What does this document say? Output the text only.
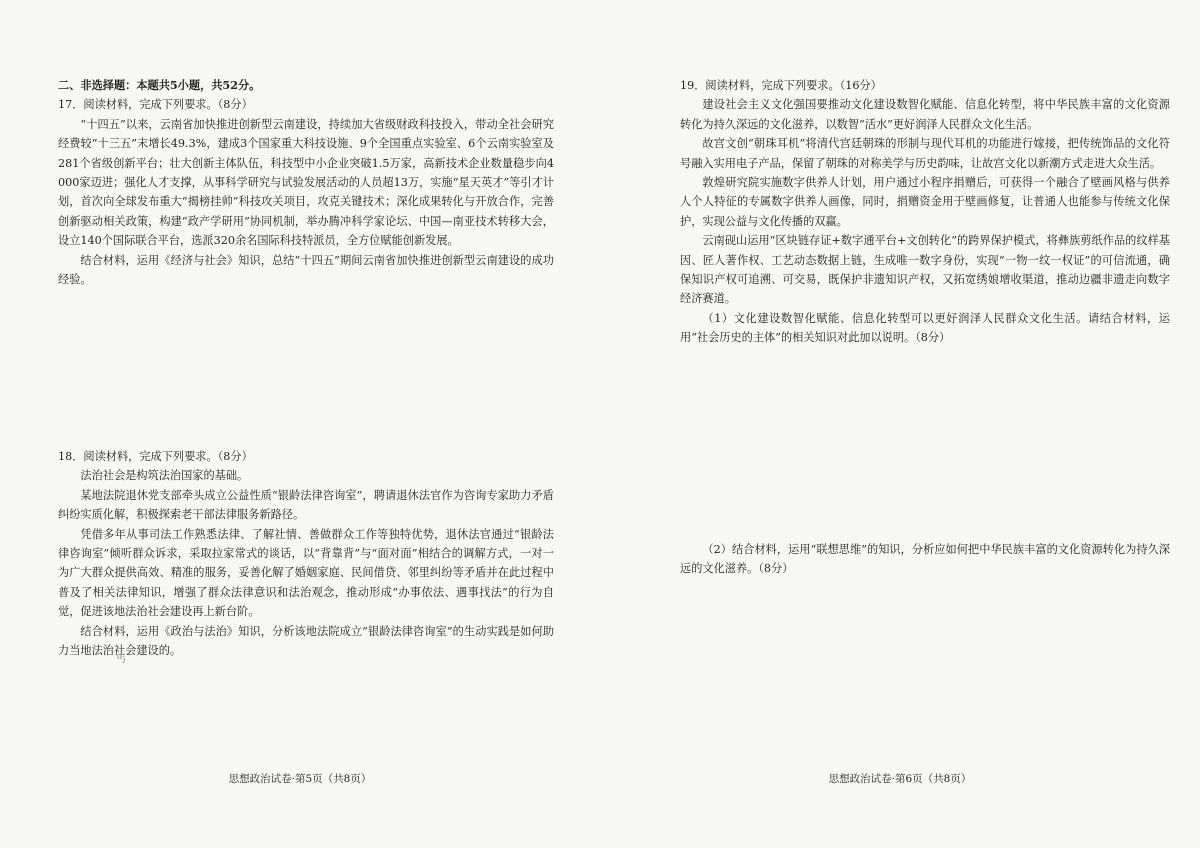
二、非选择题：本题共5小题，共52分。

17．阅读材料，完成下列要求。（8分）

“十四五”以来，云南省加快推进创新型云南建设，持续加大省级财政科技投入，带动全社会研究经费较“十三五”末增长49.3%，建成3个国家重大科技设施、9个全国重点实验室、6个云南实验室及281个省级创新平台；壮大创新主体队伍，科技型中小企业突破1.5万家，高新技术企业数量稳步向4000家迈进；强化人才支撑，从事科学研究与试验发展活动的人员超13万，实施“星天英才”等引才计划，首次向全球发布重大“揭榜挂帅”科技攻关项目，攻克关键技术；深化成果转化与开放合作，完善创新驱动相关政策，构建“政产学研用”协同机制，举办腾冲科学家论坛、中国—南亚技术转移大会，设立140个国际联合平台，选派320余名国际科技特派员，全方位赋能创新发展。

结合材料，运用《经济与社会》知识，总结“十四五”期间云南省加快推进创新型云南建设的成功经验。

18．阅读材料，完成下列要求。（8分）

法治社会是构筑法治国家的基础。

某地法院退休党支部牵头成立公益性质“银龄法律咨询室”，聘请退休法官作为咨询专家助力矛盾纠纷实质化解，积极探索老干部法律服务新路径。

凭借多年从事司法工作熟悉法律、了解社情、善做群众工作等独特优势，退休法官通过“银龄法律咨询室”倾听群众诉求，采取拉家常式的谈话，以“背靠背”与“面对面”相结合的调解方式，一对一为广大群众提供高效、精准的服务，妥善化解了婚姻家庭、民间借贷、邻里纠纷等矛盾并在此过程中普及了相关法律知识，增强了群众法律意识和法治观念，推动形成“办事依法、遇事找法”的行为自觉，促进该地法治社会建设再上新台阶。

结合材料，运用《政治与法治》知识，分析该地法院成立“银龄法律咨询室”的生动实践是如何助力当地法治社会建设的。

丐
思想政治试卷·第5页（共8页）

19．阅读材料，完成下列要求。（16分）

建设社会主义文化强国要推动文化建设数智化赋能、信息化转型，将中华民族丰富的文化资源转化为持久深远的文化滋养，以数智“活水”更好润泽人民群众文化生活。

故宫文创“朝珠耳机”将清代宫廷朝珠的形制与现代耳机的功能进行嫁接，把传统饰品的文化符号融入实用电子产品，保留了朝珠的对称美学与历史韵味，让故宫文化以新潮方式走进大众生活。

敦煌研究院实施数字供养人计划，用户通过小程序捐赠后，可获得一个融合了壁画风格与供养人个人特征的专属数字供养人画像，同时，捐赠资金用于壁画修复，让普通人也能参与传统文化保护，实现公益与文化传播的双赢。

云南砚山运用“区块链存证+数字通平台+文创转化”的跨界保护模式，将彝族剪纸作品的纹样基因、匠人著作权、工艺动态数据上链，生成唯一数字身份，实现“一物一纹一权证”的可信流通，确保知识产权可追溯、可交易，既保护非遗知识产权，又拓宽绣娘增收渠道，推动边疆非遗走向数字经济赛道。

（1）文化建设数智化赋能、信息化转型可以更好润泽人民群众文化生活。请结合材料，运用“社会历史的主体”的相关知识对此加以说明。（8分）

（2）结合材料，运用“联想思维”的知识，分析应如何把中华民族丰富的文化资源转化为持久深远的文化滋养。（8分）

思想政治试卷·第6页（共8页）
